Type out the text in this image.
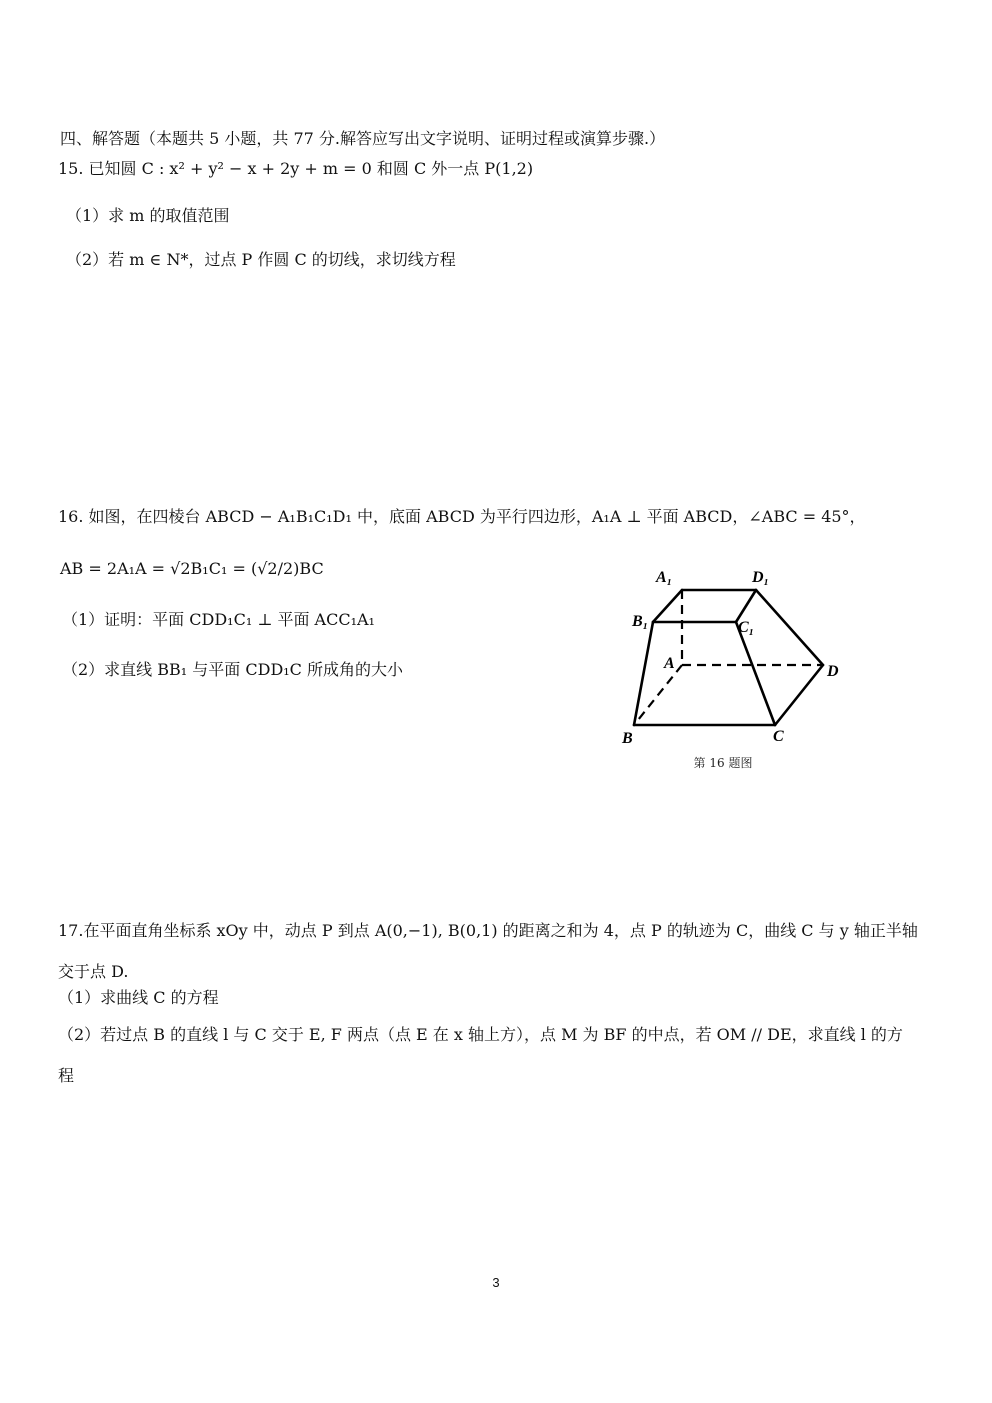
四、解答题（本题共 5 小题，共 77 分.解答应写出文字说明、证明过程或演算步骤.）
15. 已知圆 C : x² + y² − x + 2y + m = 0 和圆 C 外一点 P(1,2)
（1）求 m 的取值范围
（2）若 m ∈ N*，过点 P 作圆 C 的切线，求切线方程
16. 如图，在四棱台 ABCD − A₁B₁C₁D₁ 中，底面 ABCD 为平行四边形，A₁A ⊥ 平面 ABCD，∠ABC = 45°，
AB = 2A₁A = √2B₁C₁ = (√2/2)BC
（1）证明：平面 CDD₁C₁ ⊥ 平面 ACC₁A₁
（2）求直线 BB₁ 与平面 CDD₁C 所成角的大小
A₁	D₁
B₁	C₁
A	D
B	C
第 16 题图
17.在平面直角坐标系 xOy 中，动点 P 到点 A(0,−1), B(0,1) 的距离之和为 4，点 P 的轨迹为 C，曲线 C 与 y 轴正半轴
交于点 D.
（1）求曲线 C 的方程
（2）若过点 B 的直线 l 与 C 交于 E, F 两点（点 E 在 x 轴上方），点 M 为 BF 的中点，若 OM // DE，求直线 l 的方
程
3
